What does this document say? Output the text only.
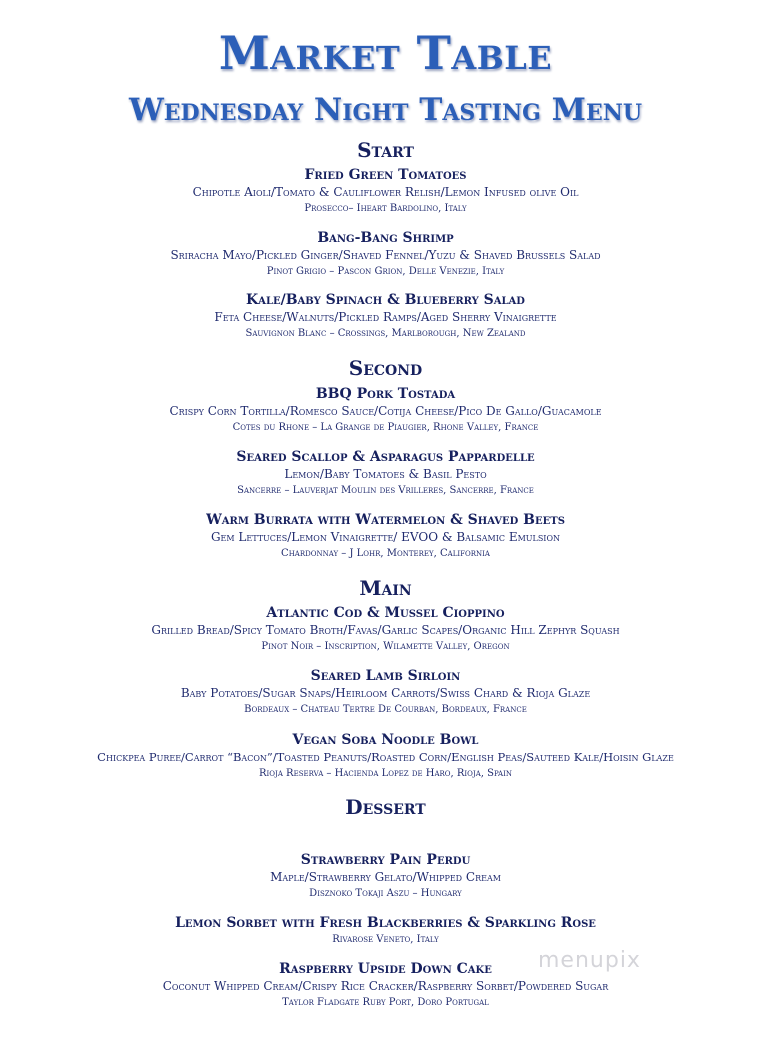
Market Table
Wednesday Night Tasting Menu
Start
Fried Green Tomatoes
Chipotle Aioli/Tomato & Cauliflower Relish/Lemon Infused olive Oil
Prosecco– Iheart Bardolino, Italy
Bang-Bang Shrimp
Sriracha Mayo/Pickled Ginger/Shaved Fennel/Yuzu & Shaved Brussels Salad
Pinot Grigio – Pascon Grion, Delle Venezie, Italy
Kale/Baby Spinach & Blueberry Salad
Feta Cheese/Walnuts/Pickled Ramps/Aged Sherry Vinaigrette
Sauvignon Blanc – Crossings, Marlborough, New Zealand
Second
BBQ Pork Tostada
Crispy Corn Tortilla/Romesco Sauce/Cotija Cheese/Pico De Gallo/Guacamole
Cotes du Rhone – La Grange de Piaugier, Rhone Valley, France
Seared Scallop & Asparagus Pappardelle
Lemon/Baby Tomatoes & Basil Pesto
Sancerre – Lauverjat Moulin des Vrilleres, Sancerre, France
Warm Burrata with Watermelon & Shaved Beets
Gem Lettuces/Lemon Vinaigrette/ EVOO & Balsamic Emulsion
Chardonnay – J Lohr, Monterey, California
Main
Atlantic Cod & Mussel Cioppino
Grilled Bread/Spicy Tomato Broth/Favas/Garlic Scapes/Organic Hill Zephyr Squash
Pinot Noir – Inscription, Wilamette Valley, Oregon
Seared Lamb Sirloin
Baby Potatoes/Sugar Snaps/Heirloom Carrots/Swiss Chard & Rioja Glaze
Bordeaux – Chateau Tertre De Courban, Bordeaux, France
Vegan Soba Noodle Bowl
Chickpea Puree/Carrot “Bacon”/Toasted Peanuts/Roasted Corn/English Peas/Sauteed Kale/Hoisin Glaze
Rioja Reserva – Hacienda Lopez de Haro, Rioja, Spain
Dessert
Strawberry Pain Perdu
Maple/Strawberry Gelato/Whipped Cream
Disznoko Tokaji Aszu – Hungary
Lemon Sorbet with Fresh Blackberries & Sparkling Rose
Rivarose Veneto, Italy
Raspberry Upside Down Cake
Coconut Whipped Cream/Crispy Rice Cracker/Raspberry Sorbet/Powdered Sugar
Taylor Fladgate Ruby Port, Doro Portugal
menupix
